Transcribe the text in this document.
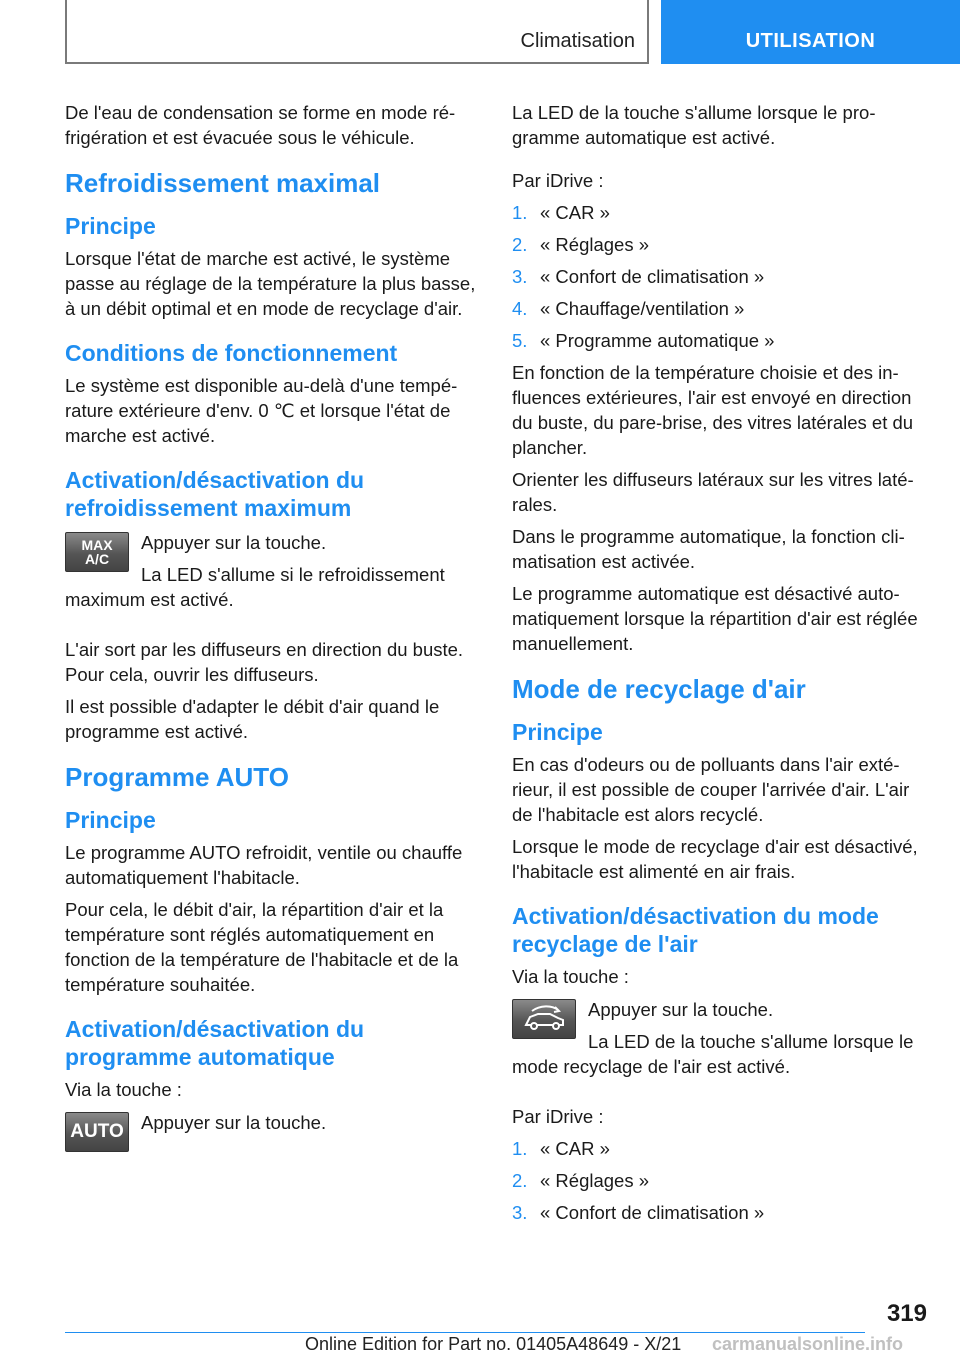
Climatisation	UTILISATION

De l'eau de condensation se forme en mode réfrigération et est évacuée sous le véhicule.

Refroidissement maximal
Principe

Lorsque l'état de marche est activé, le système passe au réglage de la température la plus basse, à un débit optimal et en mode de recyclage d'air.

Conditions de fonctionnement

Le système est disponible au-delà d'une température extérieure d'env. 0 ℃ et lorsque l'état de marche est activé.

Activation/désactivation du refroidissement maximum
MAX
A/C

Appuyer sur la touche.

La LED s'allume si le refroidissement maximum est activé.

L'air sort par les diffuseurs en direction du buste. Pour cela, ouvrir les diffuseurs.

Il est possible d'adapter le débit d'air quand le programme est activé.

Programme AUTO
Principe

Le programme AUTO refroidit, ventile ou chauffe automatiquement l'habitacle.

Pour cela, le débit d'air, la répartition d'air et la température sont réglés automatiquement en fonction de la température de l'habitacle et de la température souhaitée.

Activation/désactivation du programme automatique

Via la touche :

AUTO Appuyer sur la touche.

La LED de la touche s'allume lorsque le programme automatique est activé.

Par iDrive :

1. « CAR »
2. « Réglages »
3. « Confort de climatisation »
4. « Chauffage/ventilation »
5. « Programme automatique »

En fonction de la température choisie et des influences extérieures, l'air est envoyé en direction du buste, du pare-brise, des vitres latérales et du plancher.

Orienter les diffuseurs latéraux sur les vitres latérales.

Dans le programme automatique, la fonction climatisation est activée.

Le programme automatique est désactivé automatiquement lorsque la répartition d'air est réglée manuellement.

Mode de recyclage d'air
Principe

En cas d'odeurs ou de polluants dans l'air extérieur, il est possible de couper l'arrivée d'air. L'air de l'habitacle est alors recyclé.

Lorsque le mode de recyclage d'air est désactivé, l'habitacle est alimenté en air frais.

Activation/désactivation du mode recyclage de l'air

Via la touche :

Appuyer sur la touche.

La LED de la touche s'allume lorsque le mode recyclage de l'air est activé.

Par iDrive :

1. « CAR »
2. « Réglages »
3. « Confort de climatisation »
319
Online Edition for Part no. 01405A48649 - X/21 carmanualsonline.info
